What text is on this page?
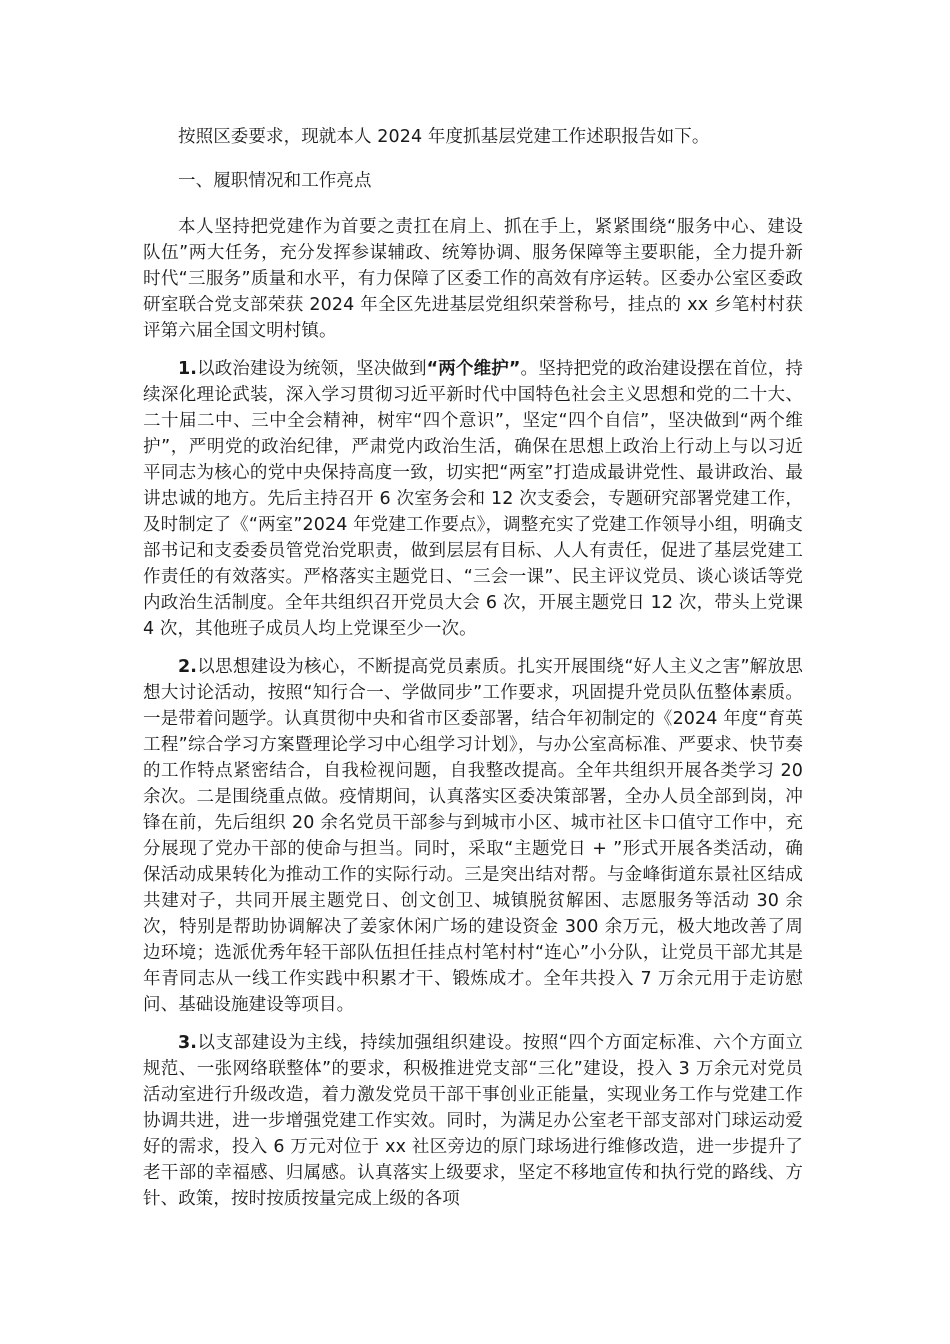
按照区委要求，现就本人 2024 年度抓基层党建工作述职报告如下。

一、履职情况和工作亮点

本人坚持把党建作为首要之责扛在肩上、抓在手上，紧紧围绕“服务中心、建设队伍”两大任务，充分发挥参谋辅政、统筹协调、服务保障等主要职能，全力提升新时代“三服务”质量和水平，有力保障了区委工作的高效有序运转。区委办公室区委政研室联合党支部荣获 2024 年全区先进基层党组织荣誉称号，挂点的 xx 乡笔村村获评第六届全国文明村镇。

1.以政治建设为统领，坚决做到“两个维护”。坚持把党的政治建设摆在首位，持续深化理论武装，深入学习贯彻习近平新时代中国特色社会主义思想和党的二十大、二十届二中、三中全会精神，树牢“四个意识”，坚定“四个自信”，坚决做到“两个维护”，严明党的政治纪律，严肃党内政治生活，确保在思想上政治上行动上与以习近平同志为核心的党中央保持高度一致，切实把“两室”打造成最讲党性、最讲政治、最讲忠诚的地方。先后主持召开 6 次室务会和 12 次支委会，专题研究部署党建工作，及时制定了《“两室”2024 年党建工作要点》，调整充实了党建工作领导小组，明确支部书记和支委委员管党治党职责，做到层层有目标、人人有责任，促进了基层党建工作责任的有效落实。严格落实主题党日、“三会一课”、民主评议党员、谈心谈话等党内政治生活制度。全年共组织召开党员大会 6 次，开展主题党日 12 次，带头上党课 4 次，其他班子成员人均上党课至少一次。

2.以思想建设为核心，不断提高党员素质。扎实开展围绕“好人主义之害”解放思想大讨论活动，按照“知行合一、学做同步”工作要求，巩固提升党员队伍整体素质。一是带着问题学。认真贯彻中央和省市区委部署，结合年初制定的《2024 年度“育英工程”综合学习方案暨理论学习中心组学习计划》，与办公室高标准、严要求、快节奏的工作特点紧密结合，自我检视问题，自我整改提高。全年共组织开展各类学习 20 余次。二是围绕重点做。疫情期间，认真落实区委决策部署，全办人员全部到岗，冲锋在前，先后组织 20 余名党员干部参与到城市小区、城市社区卡口值守工作中，充分展现了党办干部的使命与担当。同时，采取“主题党日 + ”形式开展各类活动，确保活动成果转化为推动工作的实际行动。三是突出结对帮。与金峰街道东景社区结成共建对子，共同开展主题党日、创文创卫、城镇脱贫解困、志愿服务等活动 30 余次，特别是帮助协调解决了姜家休闲广场的建设资金 300 余万元，极大地改善了周边环境；选派优秀年轻干部队伍担任挂点村笔村村“连心”小分队，让党员干部尤其是年青同志从一线工作实践中积累才干、锻炼成才。全年共投入 7 万余元用于走访慰问、基础设施建设等项目。

3.以支部建设为主线，持续加强组织建设。按照“四个方面定标准、六个方面立规范、一张网络联整体”的要求，积极推进党支部“三化”建设，投入 3 万余元对党员活动室进行升级改造，着力激发党员干部干事创业正能量，实现业务工作与党建工作协调共进，进一步增强党建工作实效。同时，为满足办公室老干部支部对门球运动爱好的需求，投入 6 万元对位于 xx 社区旁边的原门球场进行维修改造，进一步提升了老干部的幸福感、归属感。认真落实上级要求，坚定不移地宣传和执行党的路线、方针、政策，按时按质按量完成上级的各项
